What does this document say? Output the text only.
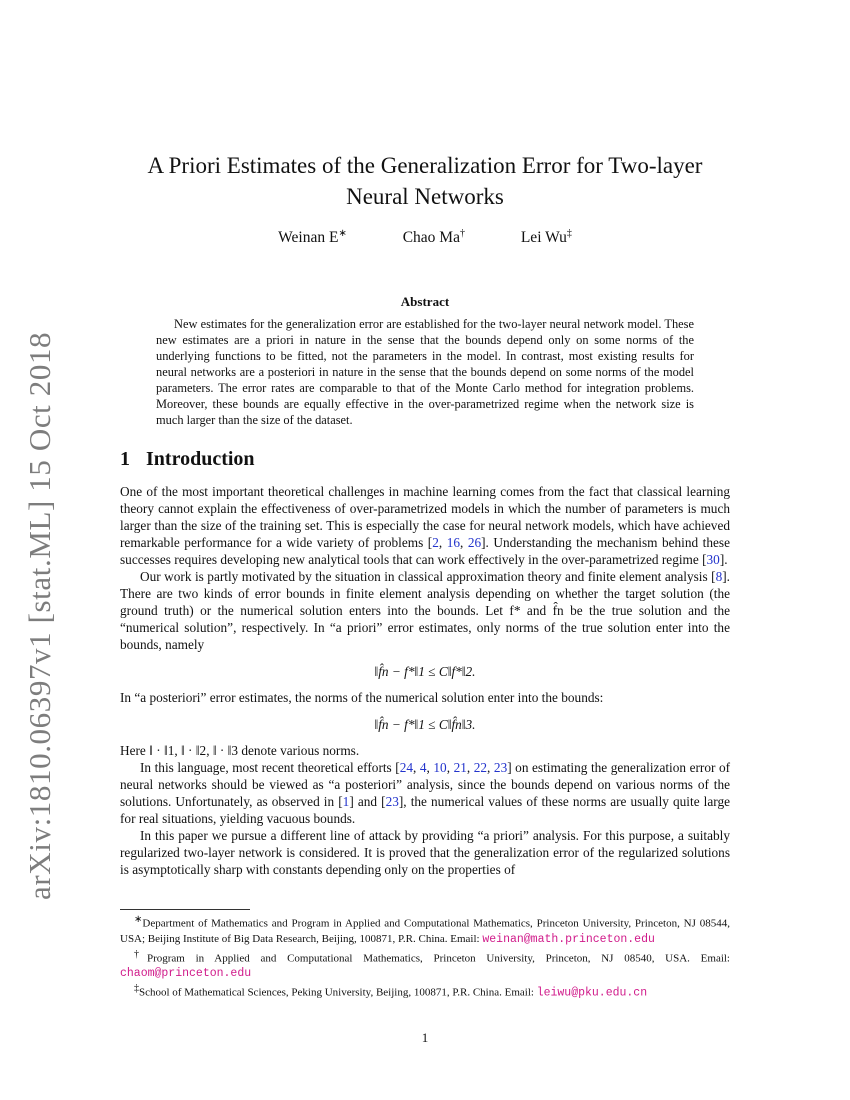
arXiv:1810.06397v1 [stat.ML] 15 Oct 2018
A Priori Estimates of the Generalization Error for Two-layer
Neural Networks
Weinan E∗	Chao Ma†	Lei Wu‡
Abstract
New estimates for the generalization error are established for the two-layer neural network model. These new estimates are a priori in nature in the sense that the bounds depend only on some norms of the underlying functions to be fitted, not the parameters in the model. In contrast, most existing results for neural networks are a posteriori in nature in the sense that the bounds depend on some norms of the model parameters. The error rates are comparable to that of the Monte Carlo method for integration problems. Moreover, these bounds are equally effective in the over-parametrized regime when the network size is much larger than the size of the dataset.
1 Introduction

One of the most important theoretical challenges in machine learning comes from the fact that classical learning theory cannot explain the effectiveness of over-parametrized models in which the number of parameters is much larger than the size of the training set. This is especially the case for neural network models, which have achieved remarkable performance for a wide variety of problems [2, 16, 26]. Understanding the mechanism behind these successes requires developing new analytical tools that can work effectively in the over-parametrized regime [30].

Our work is partly motivated by the situation in classical approximation theory and finite element analysis [8]. There are two kinds of error bounds in finite element analysis depending on whether the target solution (the ground truth) or the numerical solution enters into the bounds. Let f* and f̂n be the true solution and the “numerical solution”, respectively. In “a priori” error estimates, only norms of the true solution enter into the bounds, namely

‖f̂n − f*‖1 ≤ C‖f*‖2.

In “a posteriori” error estimates, the norms of the numerical solution enter into the bounds:

‖f̂n − f*‖1 ≤ C‖f̂n‖3.

Here ‖ · ‖1, ‖ · ‖2, ‖ · ‖3 denote various norms.

In this language, most recent theoretical efforts [24, 4, 10, 21, 22, 23] on estimating the generalization error of neural networks should be viewed as “a posteriori” analysis, since the bounds depend on various norms of the solutions. Unfortunately, as observed in [1] and [23], the numerical values of these norms are usually quite large for real situations, yielding vacuous bounds.

In this paper we pursue a different line of attack by providing “a priori” analysis. For this purpose, a suitably regularized two-layer network is considered. It is proved that the generalization error of the regularized solutions is asymptotically sharp with constants depending only on the properties of

∗Department of Mathematics and Program in Applied and Computational Mathematics, Princeton University, Princeton, NJ 08544, USA; Beijing Institute of Big Data Research, Beijing, 100871, P.R. China. Email: weinan@math.princeton.edu

†Program in Applied and Computational Mathematics, Princeton University, Princeton, NJ 08540, USA. Email: chaom@princeton.edu

‡School of Mathematical Sciences, Peking University, Beijing, 100871, P.R. China. Email: leiwu@pku.edu.cn

1
